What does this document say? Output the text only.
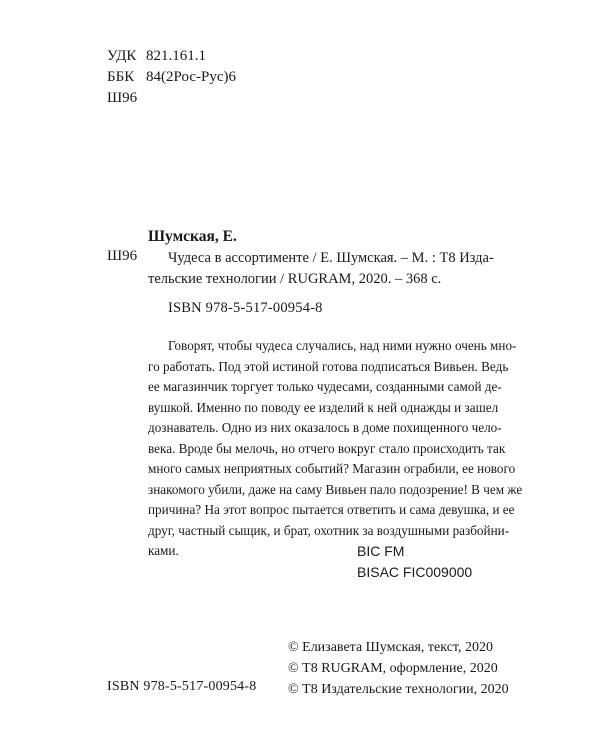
УДК 821.161.1
ББК 84(2Рос-Рус)6
Ш96
Шумская, Е.
Ш96	Чудеса в ассортименте / Е. Шумская. – М. : Т8 Изда-
тельские технологии / RUGRAM, 2020. – 368 с.
ISBN 978-5-517-00954-8
Говорят, чтобы чудеса случались, над ними нужно очень мно-
го работать. Под этой истиной готова подписаться Вивьен. Ведь
ее магазинчик торгует только чудесами, созданными самой де-
вушкой. Именно по поводу ее изделий к ней однажды и зашел
дознаватель. Одно из них оказалось в доме похищенного чело-
века. Вроде бы мелочь, но отчего вокруг стало происходить так
много самых неприятных событий? Магазин ограбили, ее нового
знакомого убили, даже на саму Вивьен пало подозрение! В чем же
причина? На этот вопрос пытается ответить и сама девушка, и ее
друг, частный сыщик, и брат, охотник за воздушными разбойни-
ками.	BIC FM
BISAC FIC009000
© Елизавета Шумская, текст, 2020
© Т8 RUGRAM, оформление, 2020
© Т8 Издательские технологии, 2020
ISBN 978-5-517-00954-8
